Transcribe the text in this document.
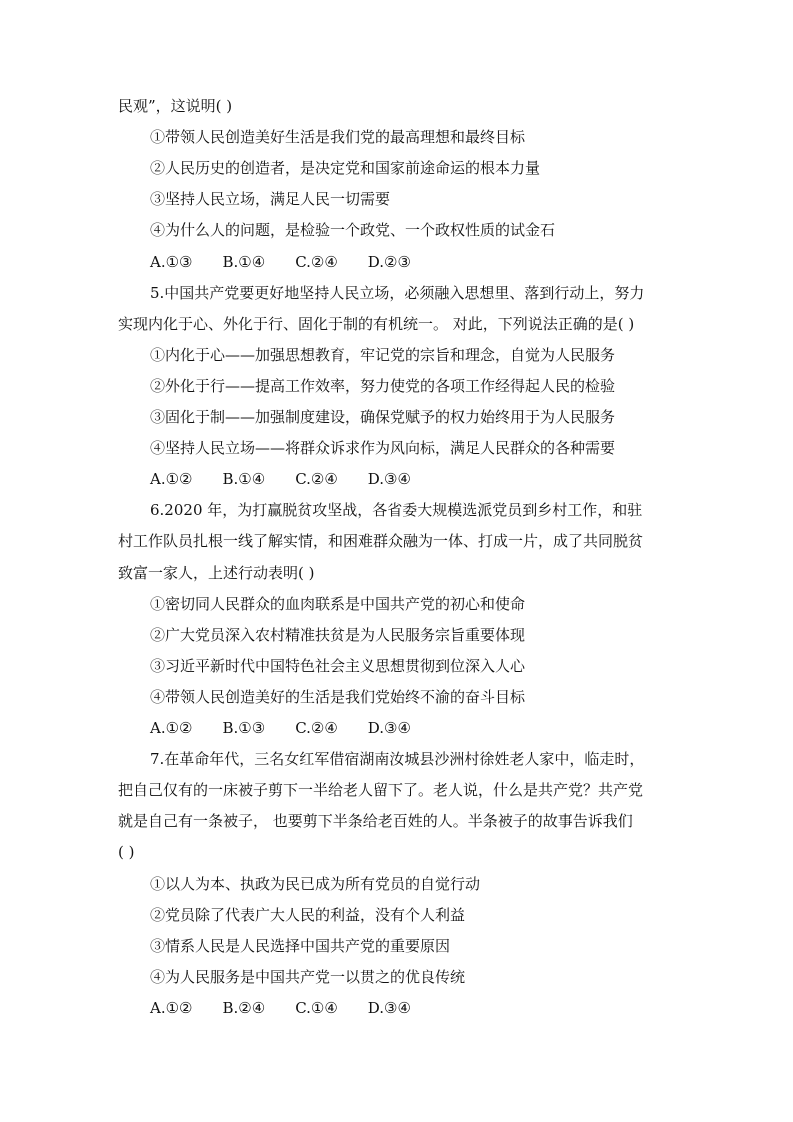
民观”，这说明( )
①带领人民创造美好生活是我们党的最高理想和最终目标
②人民历史的创造者，是决定党和国家前途命运的根本力量
③坚持人民立场，满足人民一切需要
④为什么人的问题，是检验一个政党、一个政权性质的试金石
A.①③ B.①④ C.②④ D.②③
5.中国共产党要更好地坚持人民立场，必须融入思想里、落到行动上，努力
实现内化于心、外化于行、固化于制的有机统一。 对此，下列说法正确的是( )
①内化于心——加强思想教育，牢记党的宗旨和理念，自觉为人民服务
②外化于行——提高工作效率，努力使党的各项工作经得起人民的检验
③固化于制——加强制度建设，确保党赋予的权力始终用于为人民服务
④坚持人民立场——将群众诉求作为风向标，满足人民群众的各种需要
A.①② B.①④ C.②④ D.③④
6.2020 年，为打赢脱贫攻坚战，各省委大规模选派党员到乡村工作，和驻
村工作队员扎根一线了解实情，和困难群众融为一体、打成一片，成了共同脱贫
致富一家人，上述行动表明( )
①密切同人民群众的血肉联系是中国共产党的初心和使命
②广大党员深入农村精准扶贫是为人民服务宗旨重要体现
③习近平新时代中国特色社会主义思想贯彻到位深入人心
④带领人民创造美好的生活是我们党始终不渝的奋斗目标
A.①② B.①③ C.②④ D.③④
7.在革命年代，三名女红军借宿湖南汝城县沙洲村徐姓老人家中，临走时，
把自己仅有的一床被子剪下一半给老人留下了。老人说，什么是共产党？共产党
就是自己有一条被子， 也要剪下半条给老百姓的人。半条被子的故事告诉我们
( )
①以人为本、执政为民已成为所有党员的自觉行动
②党员除了代表广大人民的利益，没有个人利益
③情系人民是人民选择中国共产党的重要原因
④为人民服务是中国共产党一以贯之的优良传统
A.①② B.②④ C.①④ D.③④
